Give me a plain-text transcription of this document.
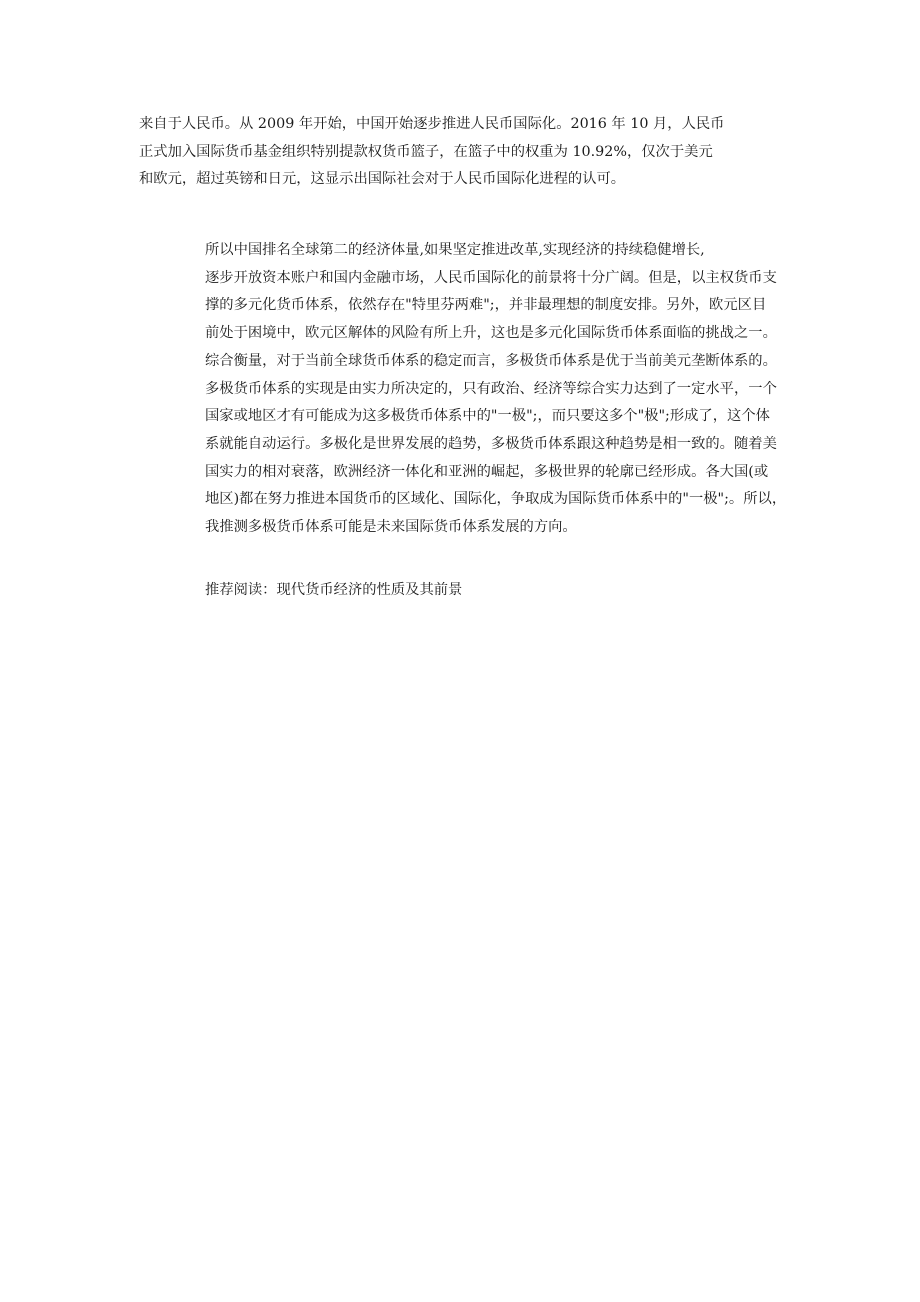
来自于人民币。从 2009 年开始，中国开始逐步推进人民币国际化。2016 年 10 月，人民币
正式加入国际货币基金组织特别提款权货币篮子，在篮子中的权重为 10.92%，仅次于美元
和欧元，超过英镑和日元，这显示出国际社会对于人民币国际化进程的认可。

所以中国排名全球第二的经济体量,如果坚定推进改革,实现经济的持续稳健增长,
逐步开放资本账户和国内金融市场，人民币国际化的前景将十分广阔。但是，以主权货币支
撑的多元化货币体系，依然存在"特里芬两难";，并非最理想的制度安排。另外，欧元区目
前处于困境中，欧元区解体的风险有所上升，这也是多元化国际货币体系面临的挑战之一。
综合衡量，对于当前全球货币体系的稳定而言，多极货币体系是优于当前美元垄断体系的。
多极货币体系的实现是由实力所决定的，只有政治、经济等综合实力达到了一定水平，一个
国家或地区才有可能成为这多极货币体系中的"一极";，而只要这多个"极";形成了，这个体
系就能自动运行。多极化是世界发展的趋势，多极货币体系跟这种趋势是相一致的。随着美
国实力的相对衰落，欧洲经济一体化和亚洲的崛起，多极世界的轮廓已经形成。各大国(或
地区)都在努力推进本国货币的区域化、国际化，争取成为国际货币体系中的"一极";。所以，
我推测多极货币体系可能是未来国际货币体系发展的方向。

推荐阅读：现代货币经济的性质及其前景
